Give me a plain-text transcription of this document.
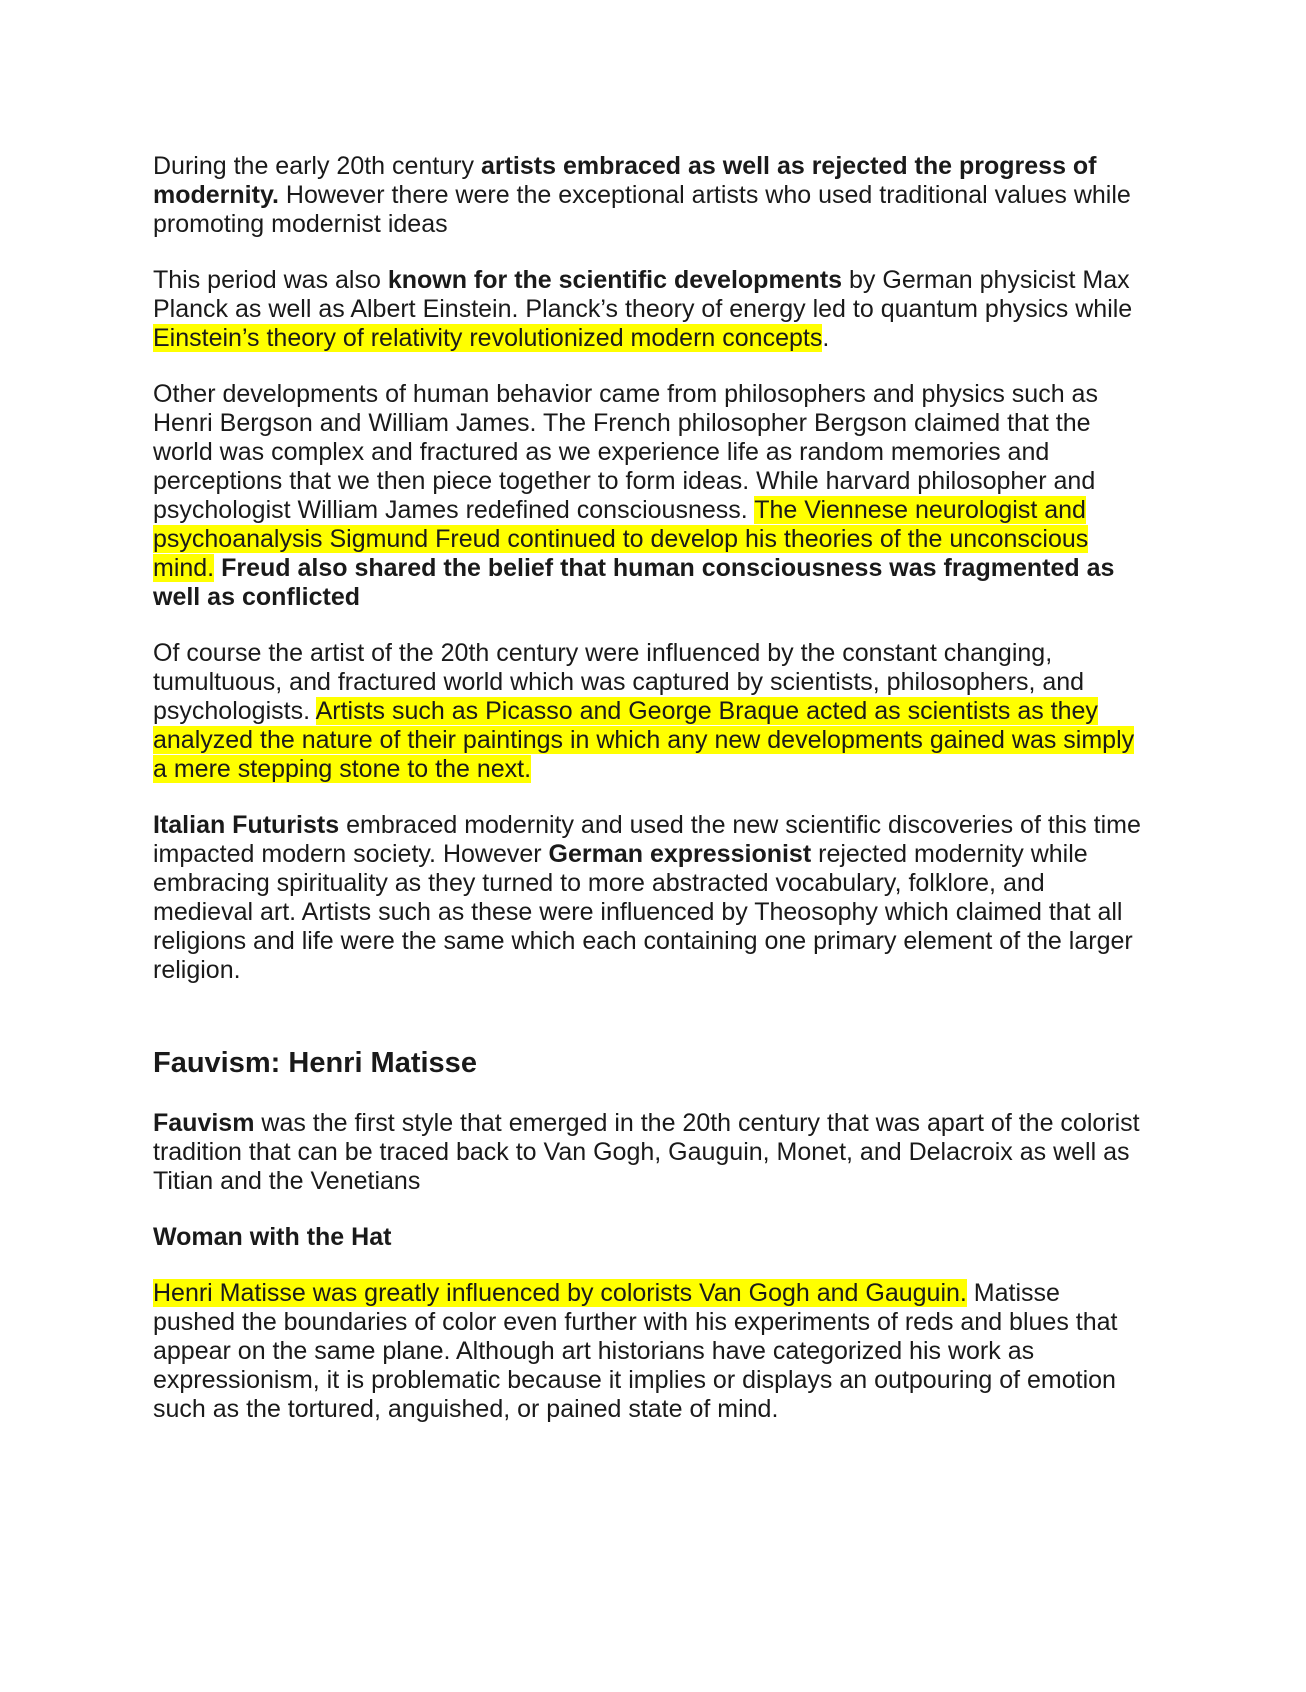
During the early 20th century artists embraced as well as rejected the progress of modernity. However there were the exceptional artists who used traditional values while promoting modernist ideas

This period was also known for the scientific developments by German physicist Max Planck as well as Albert Einstein. Planck’s theory of energy led to quantum physics while Einstein’s theory of relativity revolutionized modern concepts.

Other developments of human behavior came from philosophers and physics such as Henri Bergson and William James. The French philosopher Bergson claimed that the world was complex and fractured as we experience life as random memories and perceptions that we then piece together to form ideas. While harvard philosopher and psychologist William James redefined consciousness. The Viennese neurologist and psychoanalysis Sigmund Freud continued to develop his theories of the unconscious mind. Freud also shared the belief that human consciousness was fragmented as well as conflicted

Of course the artist of the 20th century were influenced by the constant changing, tumultuous, and fractured world which was captured by scientists, philosophers, and psychologists. Artists such as Picasso and George Braque acted as scientists as they analyzed the nature of their paintings in which any new developments gained was simply a mere stepping stone to the next.

Italian Futurists embraced modernity and used the new scientific discoveries of this time impacted modern society. However German expressionist rejected modernity while embracing spirituality as they turned to more abstracted vocabulary, folklore, and medieval art. Artists such as these were influenced by Theosophy which claimed that all religions and life were the same which each containing one primary element of the larger religion.

Fauvism: Henri Matisse

Fauvism was the first style that emerged in the 20th century that was apart of the colorist tradition that can be traced back to Van Gogh, Gauguin, Monet, and Delacroix as well as Titian and the Venetians

Woman with the Hat

Henri Matisse was greatly influenced by colorists Van Gogh and Gauguin. Matisse pushed the boundaries of color even further with his experiments of reds and blues that appear on the same plane. Although art historians have categorized his work as expressionism, it is problematic because it implies or displays an outpouring of emotion such as the tortured, anguished, or pained state of mind.
